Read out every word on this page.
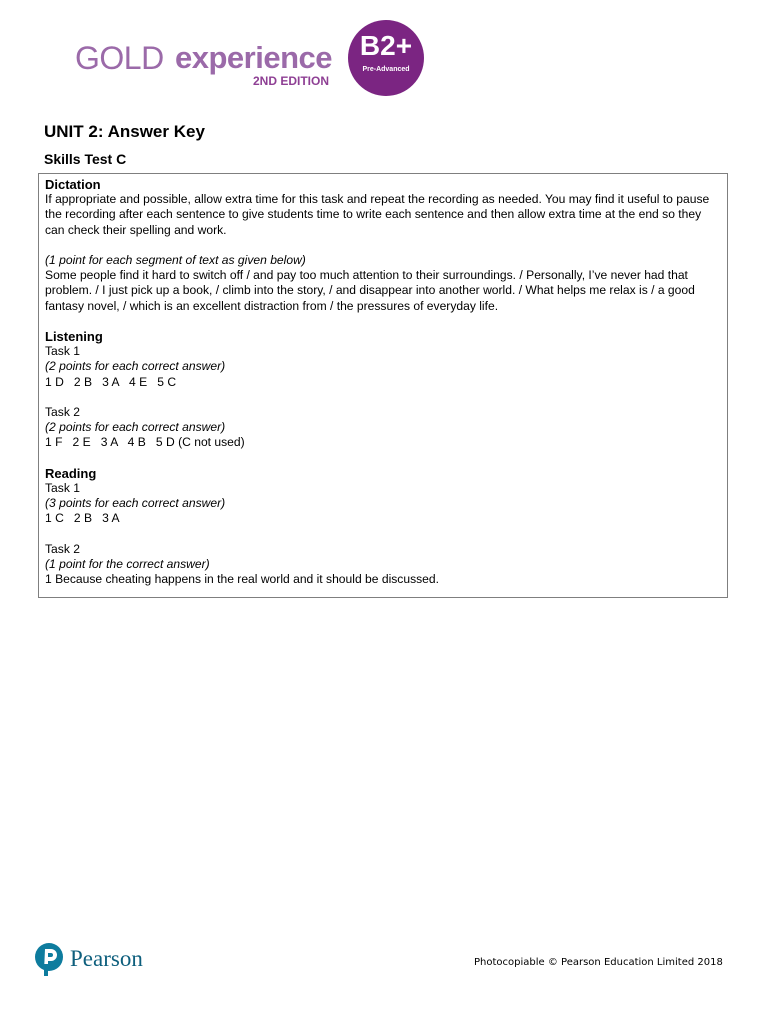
GOLD experience
2ND EDITION
B2+
Pre-Advanced
UNIT 2: Answer Key
Skills Test C

Dictation

If appropriate and possible, allow extra time for this task and repeat the recording as needed. You may find it useful to pause the recording after each sentence to give students time to write each sentence and then allow extra time at the end so they can check their spelling and work.

(1 point for each segment of text as given below)

Some people find it hard to switch off / and pay too much attention to their surroundings. / Personally, I’ve never had that problem. / I just pick up a book, / climb into the story, / and disappear into another world. / What helps me relax is / a good fantasy novel, / which is an excellent distraction from / the pressures of everyday life.

Listening

Task 1

(2 points for each correct answer)

1 D   2 B   3 A   4 E   5 C

Task 2

(2 points for each correct answer)

1 F   2 E   3 A   4 B   5 D (C not used)

Reading

Task 1

(3 points for each correct answer)

1 C   2 B   3 A

Task 2

(1 point for the correct answer)

1 Because cheating happens in the real world and it should be discussed.

Pearson	Photocopiable © Pearson Education Limited 2018
